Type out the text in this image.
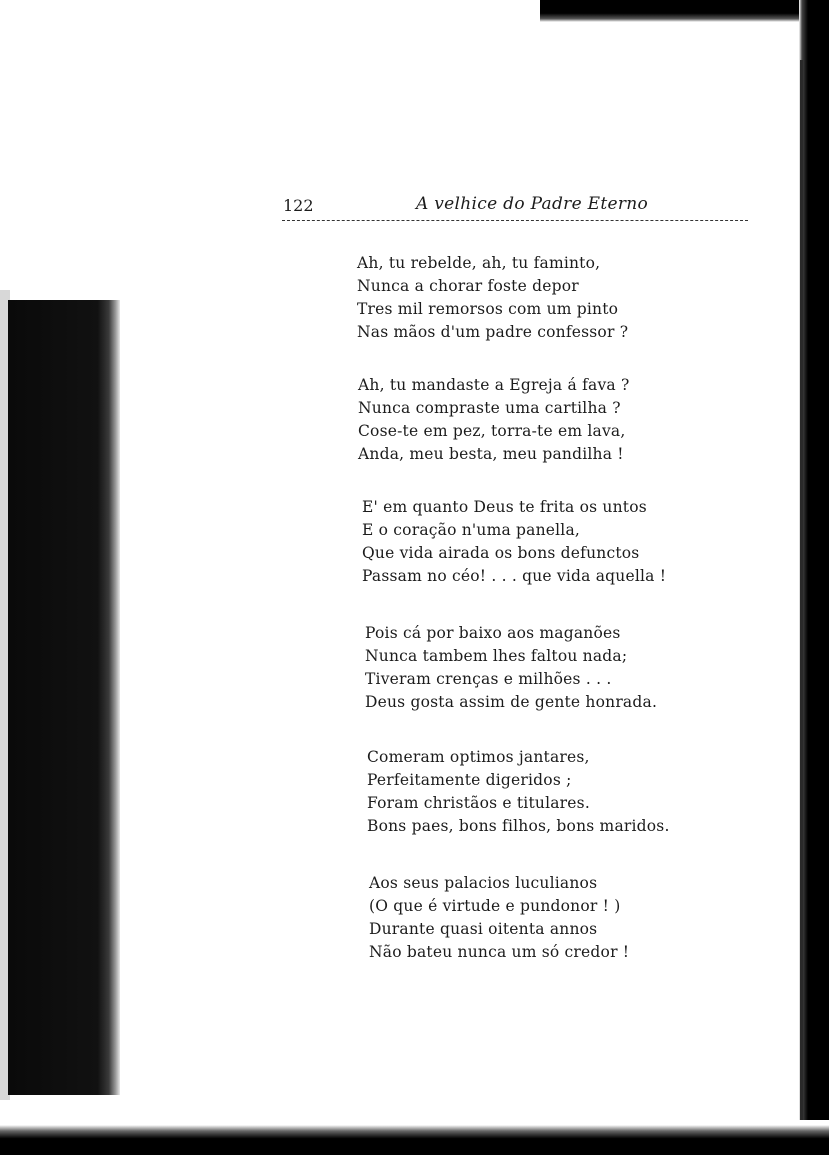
122	A velhice do Padre Eterno
Ah, tu rebelde, ah, tu faminto,
Nunca a chorar foste depor
Tres mil remorsos com um pinto
Nas mãos d'um padre confessor ?
Ah, tu mandaste a Egreja á fava ?
Nunca compraste uma cartilha ?
Cose-te em pez, torra-te em lava,
Anda, meu besta, meu pandilha !
E' em quanto Deus te frita os untos
E o coração n'uma panella,
Que vida airada os bons defunctos
Passam no céo! . . . que vida aquella !
Pois cá por baixo aos maganões
Nunca tambem lhes faltou nada;
Tiveram crenças e milhões . . .
Deus gosta assim de gente honrada.
Comeram optimos jantares,
Perfeitamente digeridos ;
Foram christãos e titulares.
Bons paes, bons filhos, bons maridos.
Aos seus palacios luculianos
(O que é virtude e pundonor ! )
Durante quasi oitenta annos
Não bateu nunca um só credor !
